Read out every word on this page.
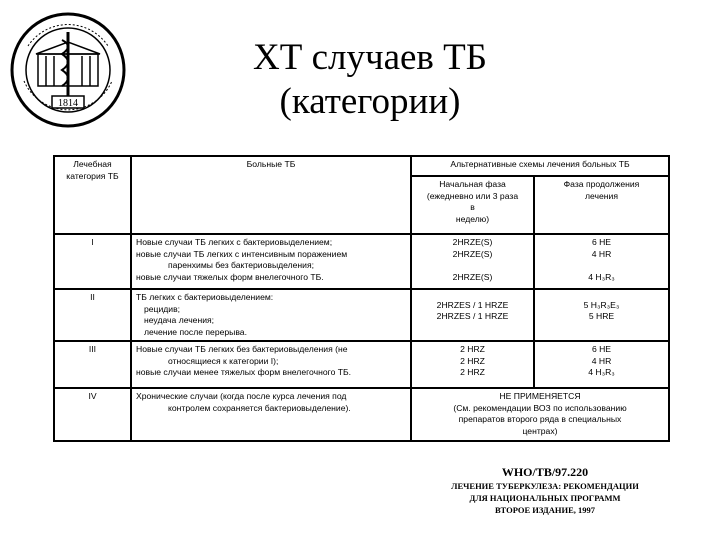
1814
ХТ случаев ТБ
(категории)
Лечебная категория ТБ	Больные ТБ	Альтернативные схемы лечения больных ТБ	

		Начальная фаза
(ежедневно или 3 раза
в
неделю)	Фаза продолжения
лечения

I	Новые случаи ТБ легких с бактериовыделением;
новые случаи ТБ легких с интенсивным поражением
паренхимы без бактериовыделения;
новые случаи тяжелых форм внелегочного ТБ.	2HRZE(S)
2HRZE(S)

2HRZE(S)	6 HE
4 HR

4 H₃R₃

II	ТБ легких с бактериовыделением:
рецидив;
неудача лечения;
лечение после перерыва.	2HRZES / 1 HRZE
2HRZES / 1 HRZE	5 H₃R₃E₃
5 HRE

III	Новые случаи ТБ легких без бактериовыделения (не
относящиеся к категории I);
новые случаи менее тяжелых форм внелегочного ТБ.	2 HRZ
2 HRZ
2 HRZ	6 HE
4 HR
4 H₃R₃

IV	Хронические случаи (когда после курса лечения под
контролем сохраняется бактериовыделение).	НЕ ПРИМЕНЯЕТСЯ
(См. рекомендации ВОЗ по использованию
препаратов второго ряда в специальных
центрах)	
WHO/TB/97.220
ЛЕЧЕНИЕ ТУБЕРКУЛЕЗА: РЕКОМЕНДАЦИИ
ДЛЯ НАЦИОНАЛЬНЫХ ПРОГРАММ
ВТОРОЕ ИЗДАНИЕ, 1997
